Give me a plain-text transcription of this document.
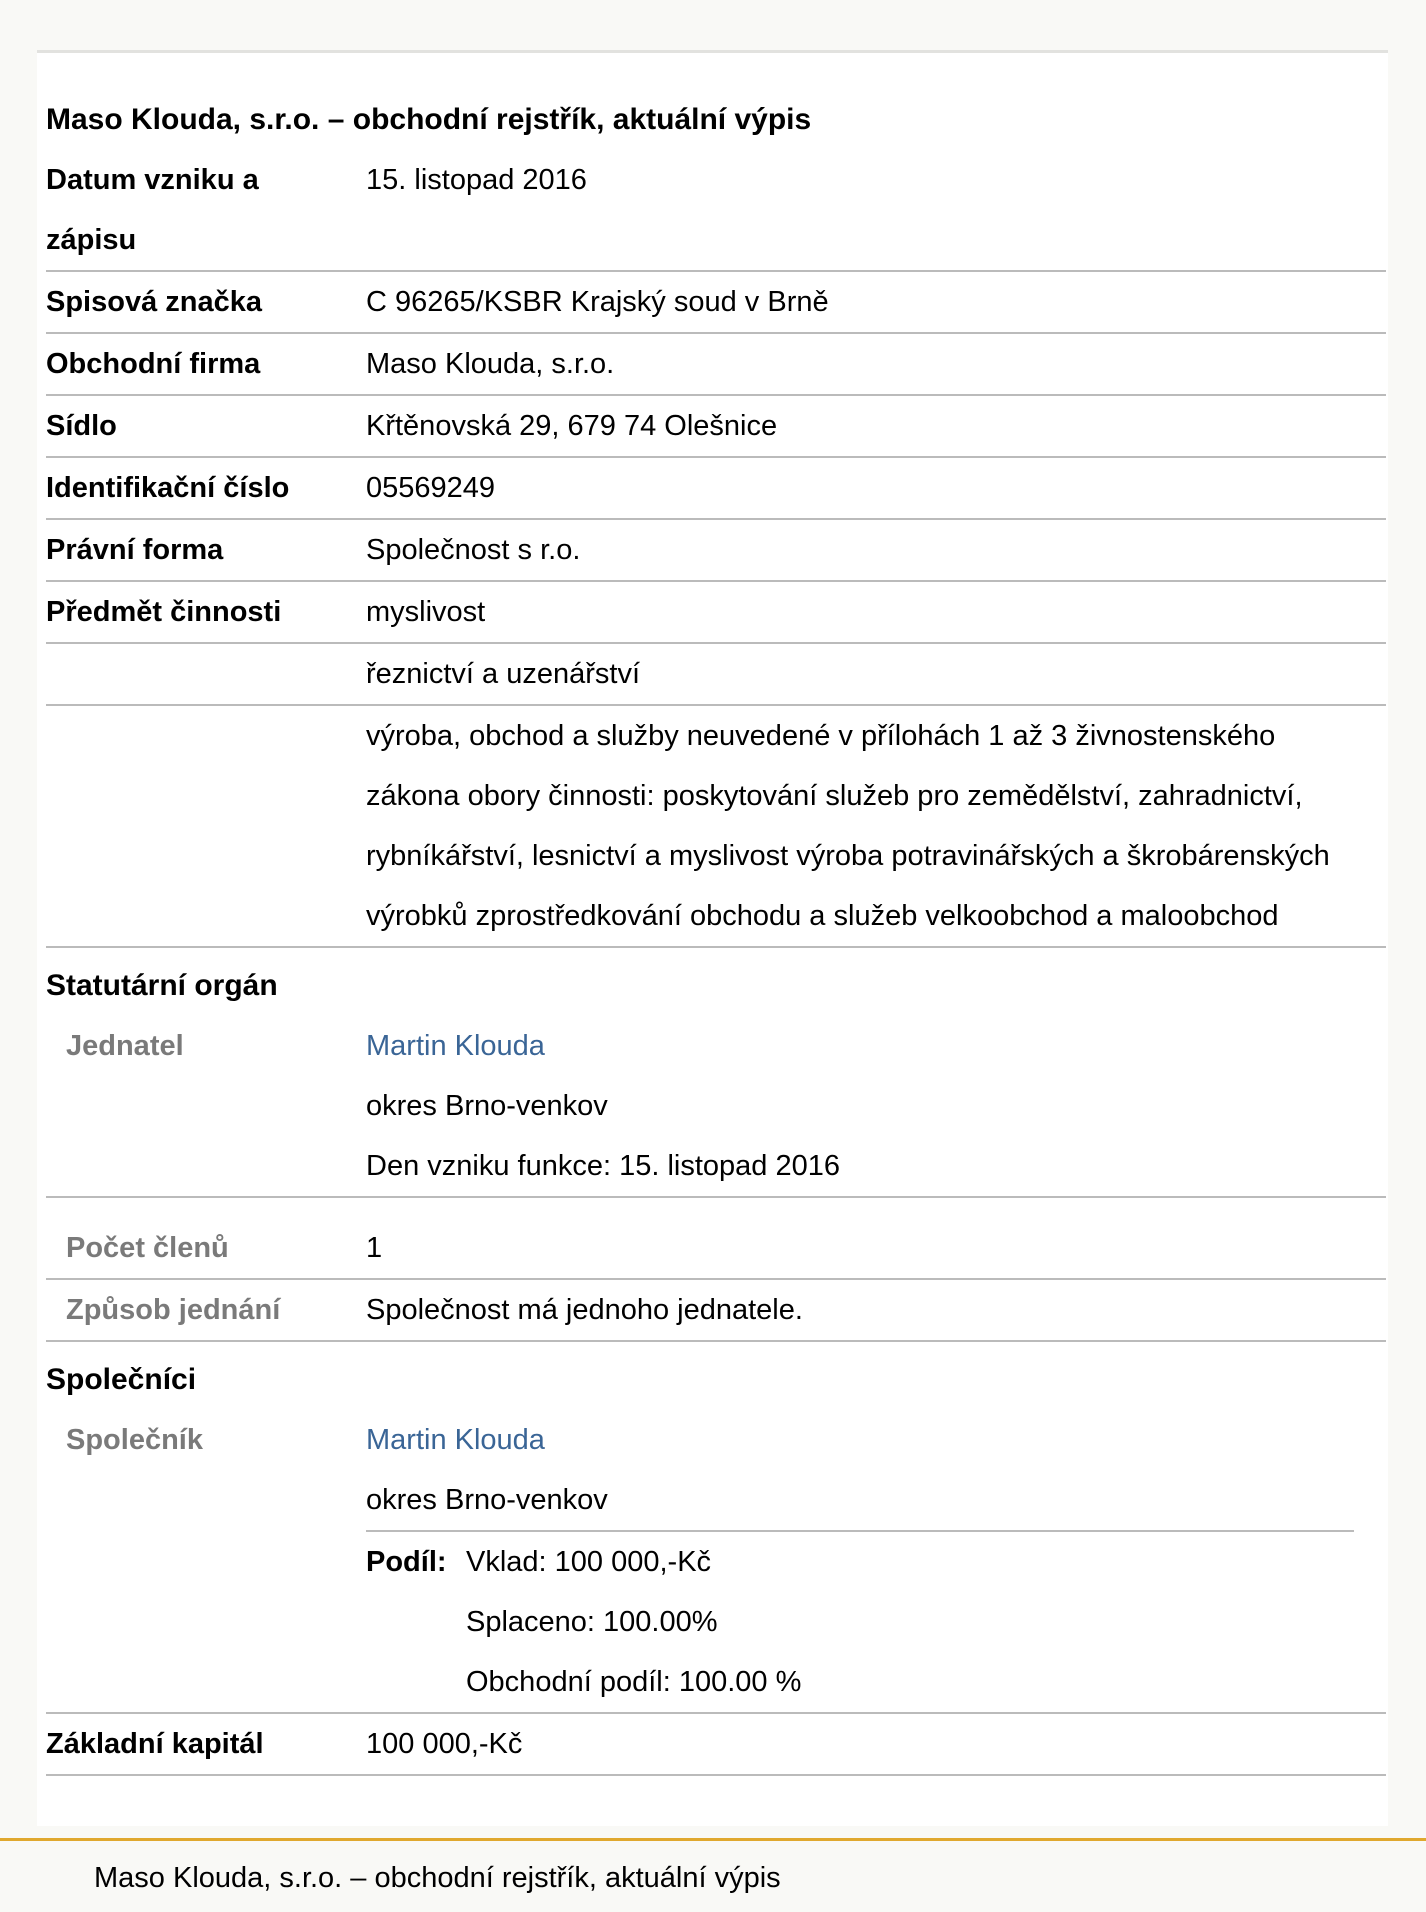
Maso Klouda, s.r.o. – obchodní rejstřík, aktuální výpis
Datum vzniku a
zápisu
15. listopad 2016
Spisová značka	C 96265/KSBR Krajský soud v Brně
Obchodní firma	Maso Klouda, s.r.o.
Sídlo	Křtěnovská 29, 679 74 Olešnice
Identifikační číslo	05569249
Právní forma	Společnost s r.o.
Předmět činnosti	myslivost
řeznictví a uzenářství
výroba, obchod a služby neuvedené v přílohách 1 až 3 živnostenského
zákona obory činnosti: poskytování služeb pro zemědělství, zahradnictví,
rybníkářství, lesnictví a myslivost výroba potravinářských a škrobárenských
výrobků zprostředkování obchodu a služeb velkoobchod a maloobchod
Statutární orgán
Jednatel	Martin Klouda
okres Brno-venkov
Den vzniku funkce: 15. listopad 2016
Počet členů	1
Způsob jednání	Společnost má jednoho jednatele.
Společníci
Společník	Martin Klouda
okres Brno-venkov
Podíl: Vklad: 100 000,-Kč
Splaceno: 100.00%
Obchodní podíl: 100.00 %
Základní kapitál	100 000,-Kč
Maso Klouda, s.r.o. – obchodní rejstřík, aktuální výpis
